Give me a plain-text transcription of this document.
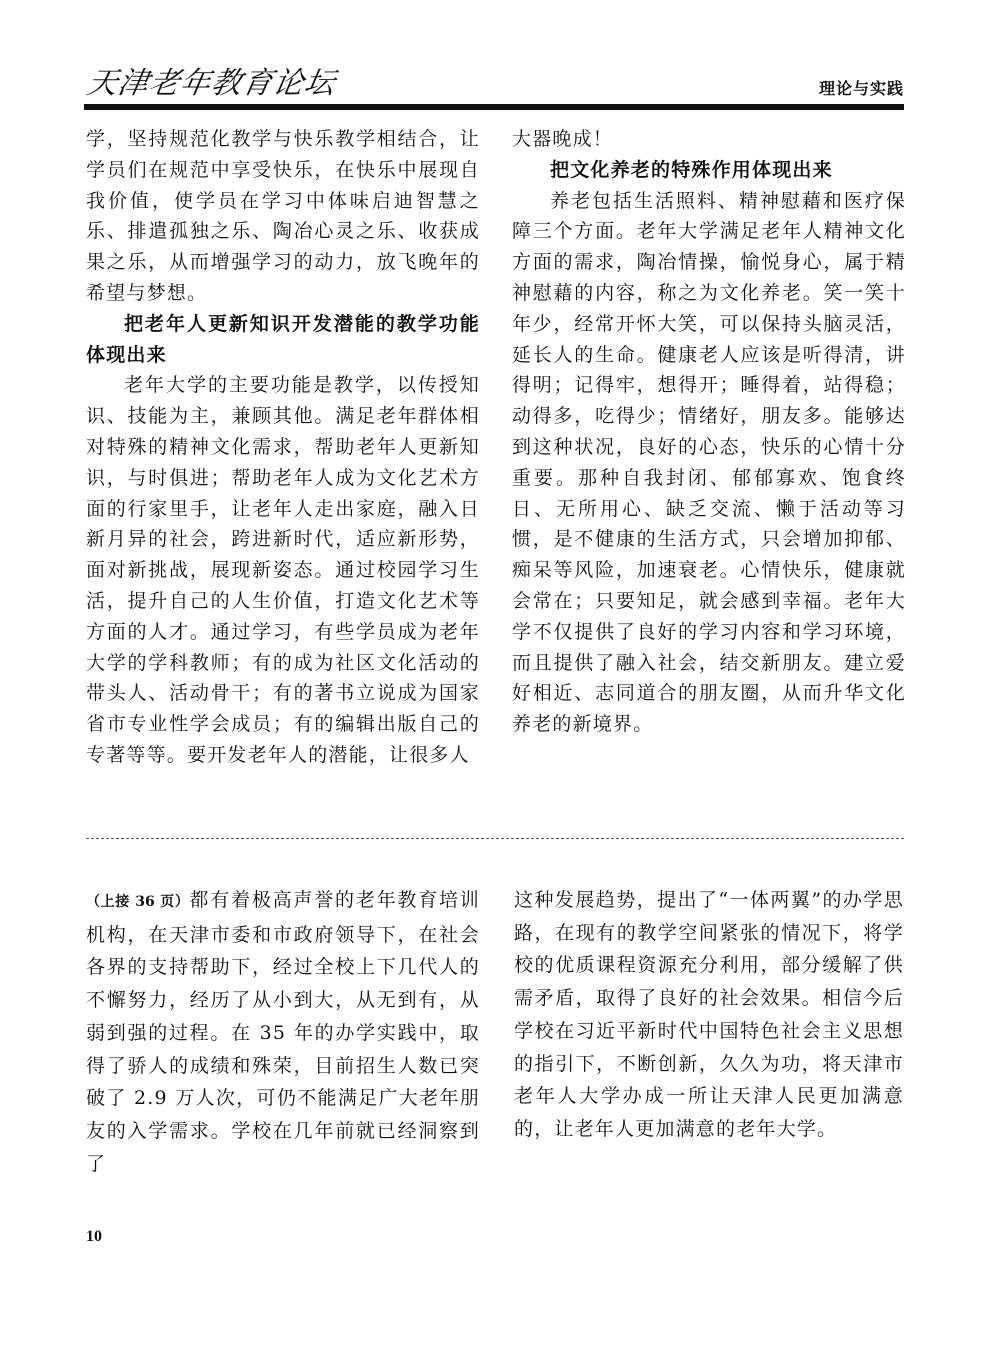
天津老年教育论坛	理论与实践

学，坚持规范化教学与快乐教学相结合，让学员们在规范中享受快乐，在快乐中展现自我价值，使学员在学习中体味启迪智慧之乐、排遣孤独之乐、陶冶心灵之乐、收获成果之乐，从而增强学习的动力，放飞晚年的希望与梦想。

把老年人更新知识开发潜能的教学功能体现出来

老年大学的主要功能是教学，以传授知识、技能为主，兼顾其他。满足老年群体相对特殊的精神文化需求，帮助老年人更新知识，与时俱进；帮助老年人成为文化艺术方面的行家里手，让老年人走出家庭，融入日新月异的社会，跨进新时代，适应新形势，面对新挑战，展现新姿态。通过校园学习生活，提升自己的人生价值，打造文化艺术等方面的人才。通过学习，有些学员成为老年大学的学科教师；有的成为社区文化活动的带头人、活动骨干；有的著书立说成为国家省市专业性学会成员；有的编辑出版自己的专著等等。要开发老年人的潜能，让很多人

大器晚成！

把文化养老的特殊作用体现出来

养老包括生活照料、精神慰藉和医疗保障三个方面。老年大学满足老年人精神文化方面的需求，陶冶情操，愉悦身心，属于精神慰藉的内容，称之为文化养老。笑一笑十年少，经常开怀大笑，可以保持头脑灵活，延长人的生命。健康老人应该是听得清，讲得明；记得牢，想得开；睡得着，站得稳；动得多，吃得少；情绪好，朋友多。能够达到这种状况，良好的心态，快乐的心情十分重要。那种自我封闭、郁郁寡欢、饱食终日、无所用心、缺乏交流、懒于活动等习惯，是不健康的生活方式，只会增加抑郁、痴呆等风险，加速衰老。心情快乐，健康就会常在；只要知足，就会感到幸福。老年大学不仅提供了良好的学习内容和学习环境，而且提供了融入社会，结交新朋友。建立爱好相近、志同道合的朋友圈，从而升华文化养老的新境界。

（上接 36 页）都有着极高声誉的老年教育培训机构，在天津市委和市政府领导下，在社会各界的支持帮助下，经过全校上下几代人的不懈努力，经历了从小到大，从无到有，从弱到强的过程。在 35 年的办学实践中，取得了骄人的成绩和殊荣，目前招生人数已突破了 2.9 万人次，可仍不能满足广大老年朋友的入学需求。学校在几年前就已经洞察到了

这种发展趋势，提出了“一体两翼”的办学思路，在现有的教学空间紧张的情况下，将学校的优质课程资源充分利用，部分缓解了供需矛盾，取得了良好的社会效果。相信今后学校在习近平新时代中国特色社会主义思想的指引下，不断创新，久久为功，将天津市老年人大学办成一所让天津人民更加满意的，让老年人更加满意的老年大学。

10
